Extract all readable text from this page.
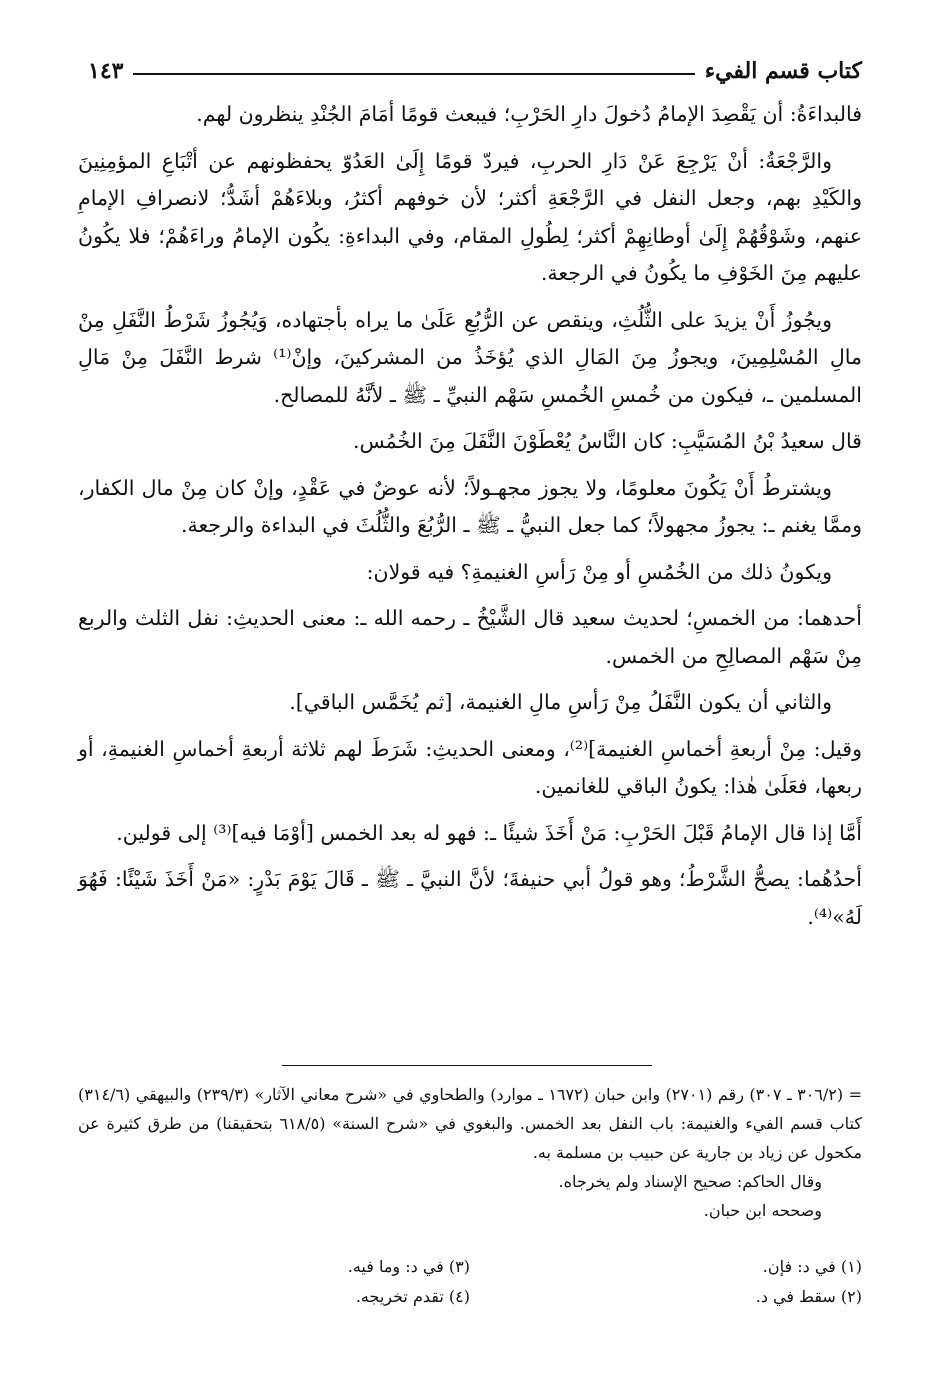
كتاب قسم الفيء
١٤٣

فالبداءَةُ: أن يَقْصِدَ الإمامُ دُخولَ دارِ الحَرْبِ؛ فيبعث قومًا أمَامَ الجُنْدِ ينظرون لهم.

والرَّجْعَةُ: أنْ يَرْجِعَ عَنْ دَارِ الحربِ، فيردّ قومًا إِلَىٰ العَدُوّ يحفظونهم عن أتْبَاعِ المؤمِنِينَ والكَيْدِ بهم، وجعل النفل في الرَّجْعَةِ أكثر؛ لأن خوفهم أكثرُ، وبلاءَهُمْ أشَدُّ؛ لانصرافِ الإمامِ عنهم، وشَوْقُهُمْ إِلَىٰ أوطانِهِمْ أكثر؛ لِطُولِ المقام، وفي البداءةِ: يكُون الإمامُ وراءَهُمْ؛ فلا يكُونُ عليهم مِنَ الخَوْفِ ما يكُونُ في الرجعة.

ويجُوزُ أَنْ يزيدَ على الثُّلُثِ، وينقص عن الرُّبُعِ عَلَىٰ ما يراه بأجتهاده، وَيُجُوزُ شَرْطُ النَّفَلِ مِنْ مالِ المُسْلِمِينَ، ويجوزُ مِنَ المَالِ الذي يُؤخَذُ من المشركينَ، وإنْ⁽¹⁾ شرط النَّفَلَ مِنْ مَالِ المسلمين ـ، فيكون من خُمسِ الخُمسِ سَهْم النبيِّ ـ ﷺ ـ لأنَّهُ للمصالح.

قال سعيدُ بْنُ المُسَيَّبِ: كان النَّاسُ يُعْطَوْنَ النَّفَلَ مِنَ الخُمُس.

ويشترطُ أَنْ يَكُونَ معلومًا، ولا يجوز مجهـولاً؛ لأنه عوضٌ في عَقْدٍ، وإنْ كان مِنْ مال الكفار، وممَّا يغنم ـ: يجوزُ مجهولاً؛ كما جعل النبيُّ ـ ﷺ ـ الرُّبُعَ والثُّلُثَ في البداءة والرجعة.

ويكونُ ذلك من الخُمُسِ أو مِنْ رَأسِ الغنيمةِ؟ فيه قولان:

أحدهما: من الخمسِ؛ لحديث سعيد قال الشَّيْخُ ـ رحمه الله ـ: معنى الحديثِ: نفل الثلث والربع مِنْ سَهْم المصالِحِ من الخمس.

والثاني أن يكون النَّفَلُ مِنْ رَأسِ مالِ الغنيمة، [ثم يُخَمَّس الباقي].

وقيل: مِنْ أربعةِ أخماسِ الغنيمة]⁽²⁾، ومعنى الحديثِ: شَرَطَ لهم ثلاثة أربعةِ أخماسِ الغنيمةِ، أو ربعها، فعَلَىٰ هٰذا: يكونُ الباقي للغانمين.

أَمَّا إذا قال الإمامُ قَبْلَ الحَرْبِ: مَنْ أَخَذَ شيئًا ـ: فهو له بعد الخمس [أوْمَا فيه]⁽³⁾ إلى قولين.

أحدُهُما: يصحُّ الشَّرْطُ؛ وهو قولُ أبي حنيفةَ؛ لأنَّ النبيَّ ـ ﷺ ـ قَالَ يَوْمَ بَدْرٍ: «مَنْ أَخَذَ شَيْئًا: فَهُوَ لَهُ»⁽⁴⁾.

= (٣٠٦/٢ ـ ٣٠٧) رقم (٢٧٠١) وابن حبان (١٦٧٢ ـ موارد) والطحاوي في «شرح معاني الآثار» (٢٣٩/٣) والبيهقي (٣١٤/٦) كتاب قسم الفيء والغنيمة: باب النفل بعد الخمس. والبغوي في «شرح السنة» (٦١٨/٥ بتحقيقنا) من طرق كثيرة عن مكحول عن زياد بن جارية عن حبيب بن مسلمة به.

وقال الحاكم: صحيح الإسناد ولم يخرجاه.

وصححه ابن حبان.

(١) في د: فإن.
(٣) في د: وما فيه.
(٢) سقط في د.
(٤) تقدم تخريجه.
